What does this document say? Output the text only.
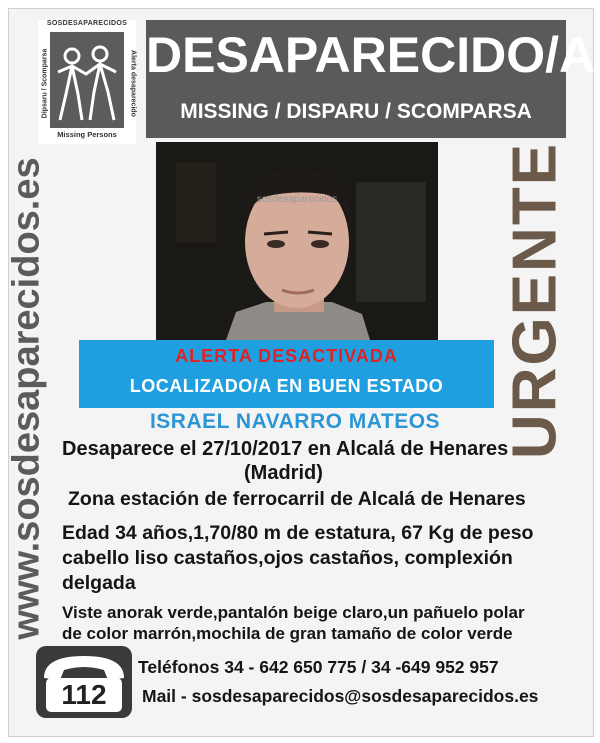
SOSDESAPARECIDOS
Dipsaru / Scomparsa	Alerta desaparecido
Missing Persons
DESAPARECIDO/A
MISSING / DISPARU / SCOMPARSA
www.sosdesaparecidos.es	URGENTE
sosdesaparecidos
ALERTA DESACTIVADA
LOCALIZADO/A EN BUEN ESTADO
ISRAEL NAVARRO MATEOS
Desaparece el 27/10/2017 en Alcalá de Henares
(Madrid)
Zona estación de ferrocarril de Alcalá de Henares
Edad 34 años,1,70/80 m de estatura, 67 Kg de peso
cabello liso castaños,ojos castaños, complexión
delgada
Viste anorak verde,pantalón beige claro,un pañuelo polar
de color marrón,mochila de gran tamaño de color verde
112
Teléfonos 34 - 642 650 775 / 34 -649 952 957
Mail - sosdesaparecidos@sosdesaparecidos.es
